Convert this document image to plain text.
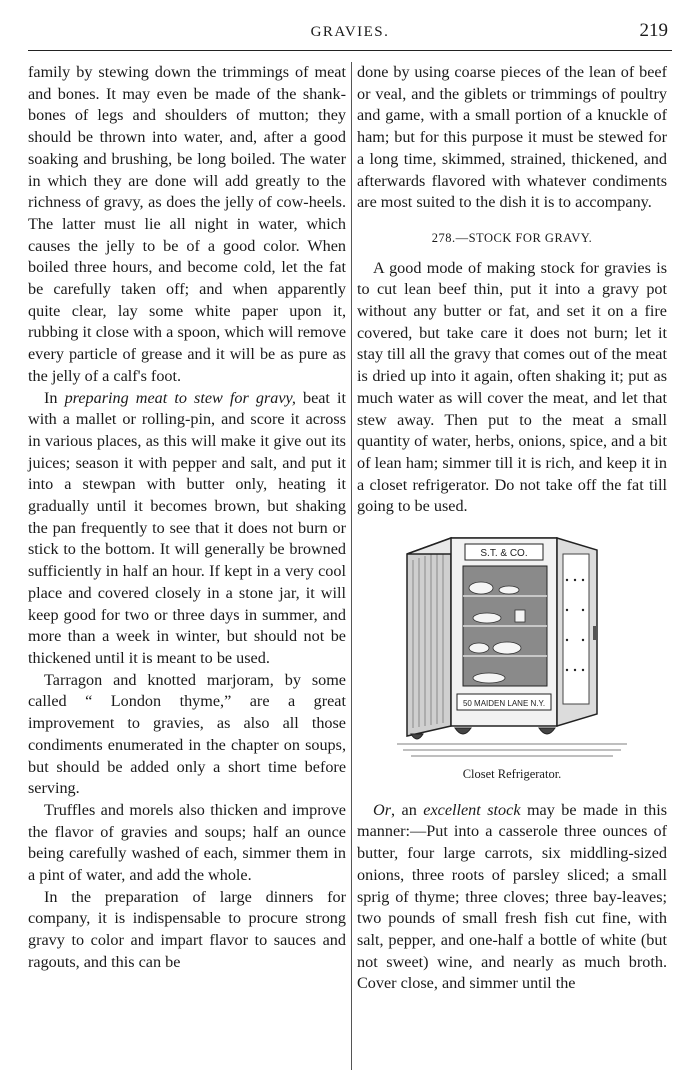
GRAVIES.	219

family by stewing down the trimmings of meat and bones. It may even be made of the shank-bones of legs and shoulders of mutton; they should be thrown into water, and, after a good soaking and brushing, be long boiled. The water in which they are done will add greatly to the richness of gravy, as does the jelly of cow-heels. The latter must lie all night in water, which causes the jelly to be of a good color. When boiled three hours, and become cold, let the fat be carefully taken off; and when apparently quite clear, lay some white paper upon it, rubbing it close with a spoon, which will remove every particle of grease and it will be as pure as the jelly of a calf's foot.

In preparing meat to stew for gravy, beat it with a mallet or rolling-pin, and score it across in various places, as this will make it give out its juices; season it with pepper and salt, and put it into a stewpan with butter only, heating it gradually until it becomes brown, but shaking the pan frequently to see that it does not burn or stick to the bottom. It will generally be browned sufficiently in half an hour. If kept in a very cool place and covered closely in a stone jar, it will keep good for two or three days in summer, and more than a week in winter, but should not be thickened until it is meant to be used.

Tarragon and knotted marjoram, by some called “ London thyme,” are a great improvement to gravies, as also all those condiments enumerated in the chapter on soups, but should be added only a short time before serving.

Truffles and morels also thicken and improve the flavor of gravies and soups; half an ounce being carefully washed of each, simmer them in a pint of water, and add the whole.

In the preparation of large dinners for company, it is indispensable to procure strong gravy to color and impart flavor to sauces and ragouts, and this can be

done by using coarse pieces of the lean of beef or veal, and the giblets or trimmings of poultry and game, with a small portion of a knuckle of ham; but for this purpose it must be stewed for a long time, skimmed, strained, thickened, and afterwards flavored with whatever condiments are most suited to the dish it is to accompany.

278.—STOCK FOR GRAVY.

A good mode of making stock for gravies is to cut lean beef thin, put it into a gravy pot without any butter or fat, and set it on a fire covered, but take care it does not burn; let it stay till all the gravy that comes out of the meat is dried up into it again, often shaking it; put as much water as will cover the meat, and let that stew away. Then put to the meat a small quantity of water, herbs, onions, spice, and a bit of lean ham; simmer till it is rich, and keep it in a closet refrigerator. Do not take off the fat till going to be used.

S.T. & CO.
50 MAIDEN LANE N.Y.
Closet Refrigerator.

Or, an excellent stock may be made in this manner:—Put into a casserole three ounces of butter, four large carrots, six middling-sized onions, three roots of parsley sliced; a small sprig of thyme; three cloves; three bay-leaves; two pounds of small fresh fish cut fine, with salt, pepper, and one-half a bottle of white (but not sweet) wine, and nearly as much broth. Cover close, and simmer until the
